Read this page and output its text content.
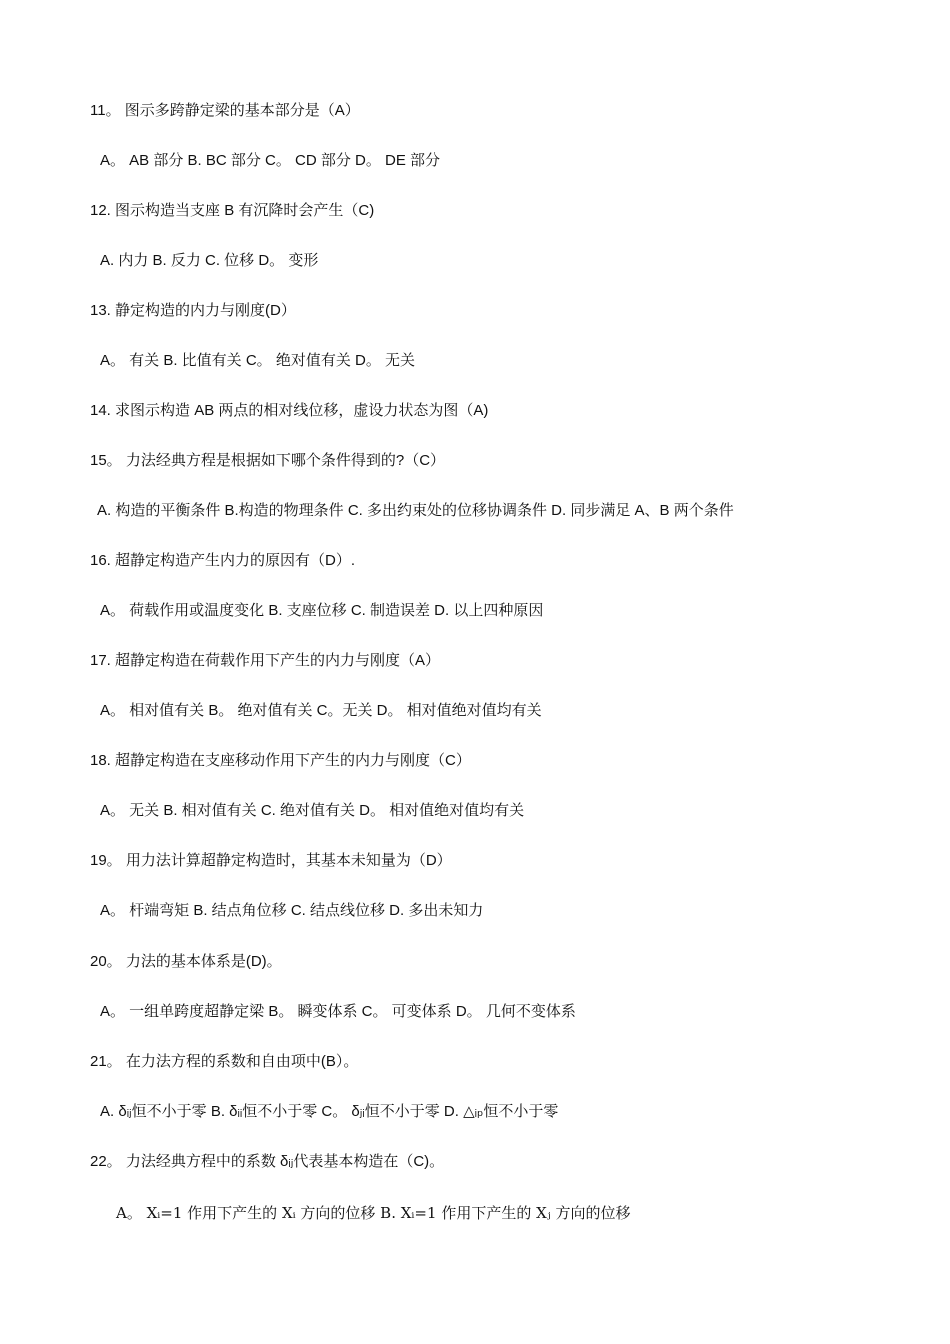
11。 图示多跨静定梁的基本部分是（A）
A。 AB 部分 B. BC 部分 C。 CD 部分 D。 DE 部分
12. 图示构造当支座 B 有沉降时会产生（C)
A. 内力 B. 反力 C. 位移 D。 变形
13. 静定构造的内力与刚度(D）
A。 有关 B. 比值有关 C。 绝对值有关 D。 无关
14. 求图示构造 AB 两点的相对线位移，虚设力状态为图（A)
15。 力法经典方程是根据如下哪个条件得到的?（C）
A. 构造的平衡条件 B.构造的物理条件 C. 多出约束处的位移协调条件 D. 同步满足 A、B 两个条件
16. 超静定构造产生内力的原因有（D）.
A。 荷载作用或温度变化 B. 支座位移 C. 制造误差 D. 以上四种原因
17. 超静定构造在荷载作用下产生的内力与刚度（A）
A。 相对值有关 B。 绝对值有关 C。无关 D。 相对值绝对值均有关
18. 超静定构造在支座移动作用下产生的内力与刚度（C）
A。 无关 B. 相对值有关 C. 绝对值有关 D。 相对值绝对值均有关
19。 用力法计算超静定构造时，其基本未知量为（D）
A。 杆端弯矩 B. 结点角位移 C. 结点线位移 D. 多出未知力
20。 力法的基本体系是(D)。
A。 一组单跨度超静定梁 B。 瞬变体系 C。 可变体系 D。 几何不变体系
21。 在力法方程的系数和自由项中(B）。
A. δᵢⱼ恒不小于零 B. δᵢᵢ恒不小于零 C。 δⱼᵢ恒不小于零 D. △ᵢₚ恒不小于零
22。 力法经典方程中的系数 δᵢⱼ代表基本构造在（C)。
A。 Xᵢ=1 作用下产生的 Xᵢ 方向的位移 B. Xᵢ=1 作用下产生的 Xⱼ 方向的位移
